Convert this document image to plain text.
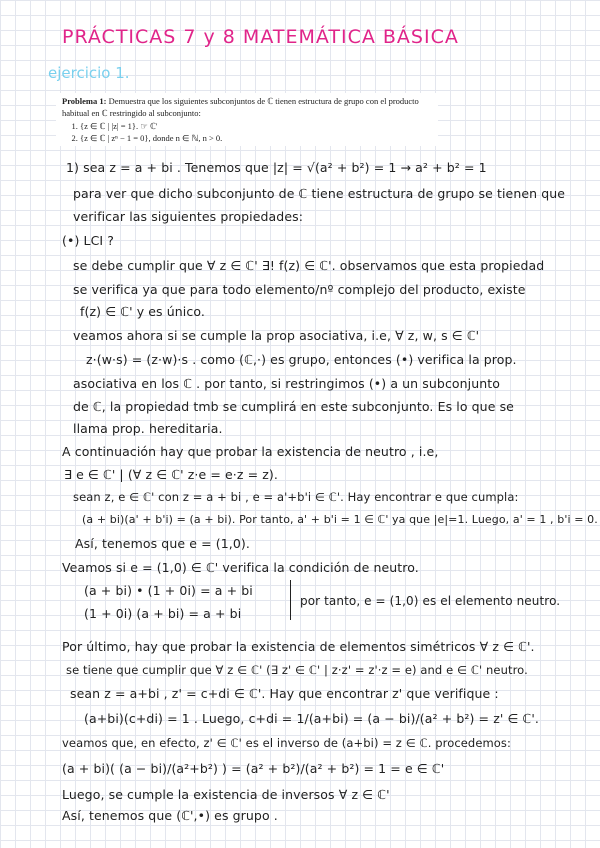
PRÁCTICAS 7 y 8 MATEMÁTICA BÁSICA
ejercicio 1.
Problema 1: Demuestra que los siguientes subconjuntos de ℂ tienen estructura de grupo con el producto habitual en ℂ restringido al subconjunto:
1. {z ∈ ℂ | |z| = 1}. ☞ ℂ'
2. {z ∈ ℂ | zⁿ − 1 = 0}, donde n ∈ ℕ, n > 0.
1) sea z = a + bi . Tenemos que |z| = √(a² + b²) = 1 → a² + b² = 1
para ver que dicho subconjunto de ℂ tiene estructura de grupo se tienen que
verificar las siguientes propiedades:
(•) LCI ?
se debe cumplir que ∀ z ∈ ℂ' ∃! f(z) ∈ ℂ'. observamos que esta propiedad
se verifica ya que para todo elemento/nº complejo del producto, existe
f(z) ∈ ℂ' y es único.
veamos ahora si se cumple la prop asociativa, i.e, ∀ z, w, s ∈ ℂ'
z·(w·s) = (z·w)·s . como (ℂ,·) es grupo, entonces (•) verifica la prop.
asociativa en los ℂ . por tanto, si restringimos (•) a un subconjunto
de ℂ, la propiedad tmb se cumplirá en este subconjunto. Es lo que se
llama prop. hereditaria.
A continuación hay que probar la existencia de neutro , i.e,
∃ e ∈ ℂ' | (∀ z ∈ ℂ' z·e = e·z = z).
sean z, e ∈ ℂ' con z = a + bi , e = a'+b'i ∈ ℂ'. Hay encontrar e que cumpla:
(a + bi)(a' + b'i) = (a + bi). Por tanto, a' + b'i = 1 ∈ ℂ' ya que |e|=1. Luego, a' = 1 , b'i = 0.
Así, tenemos que e = (1,0).
Veamos si e = (1,0) ∈ ℂ' verifica la condición de neutro.
(a + bi) • (1 + 0i) = a + bi
(1 + 0i) (a + bi) = a + bi
por tanto, e = (1,0) es el elemento neutro.
Por último, hay que probar la existencia de elementos simétricos ∀ z ∈ ℂ'.
se tiene que cumplir que ∀ z ∈ ℂ' (∃ z' ∈ ℂ' | z·z' = z'·z = e) and e ∈ ℂ' neutro.
sean z = a+bi , z' = c+di ∈ ℂ'. Hay que encontrar z' que verifique :
(a+bi)(c+di) = 1 . Luego, c+di = 1/(a+bi) = (a − bi)/(a² + b²) = z' ∈ ℂ'.
veamos que, en efecto, z' ∈ ℂ' es el inverso de (a+bi) = z ∈ ℂ. procedemos:
(a + bi)( (a − bi)/(a²+b²) ) = (a² + b²)/(a² + b²) = 1 = e ∈ ℂ'
Luego, se cumple la existencia de inversos ∀ z ∈ ℂ'
Así, tenemos que (ℂ',•) es grupo .
